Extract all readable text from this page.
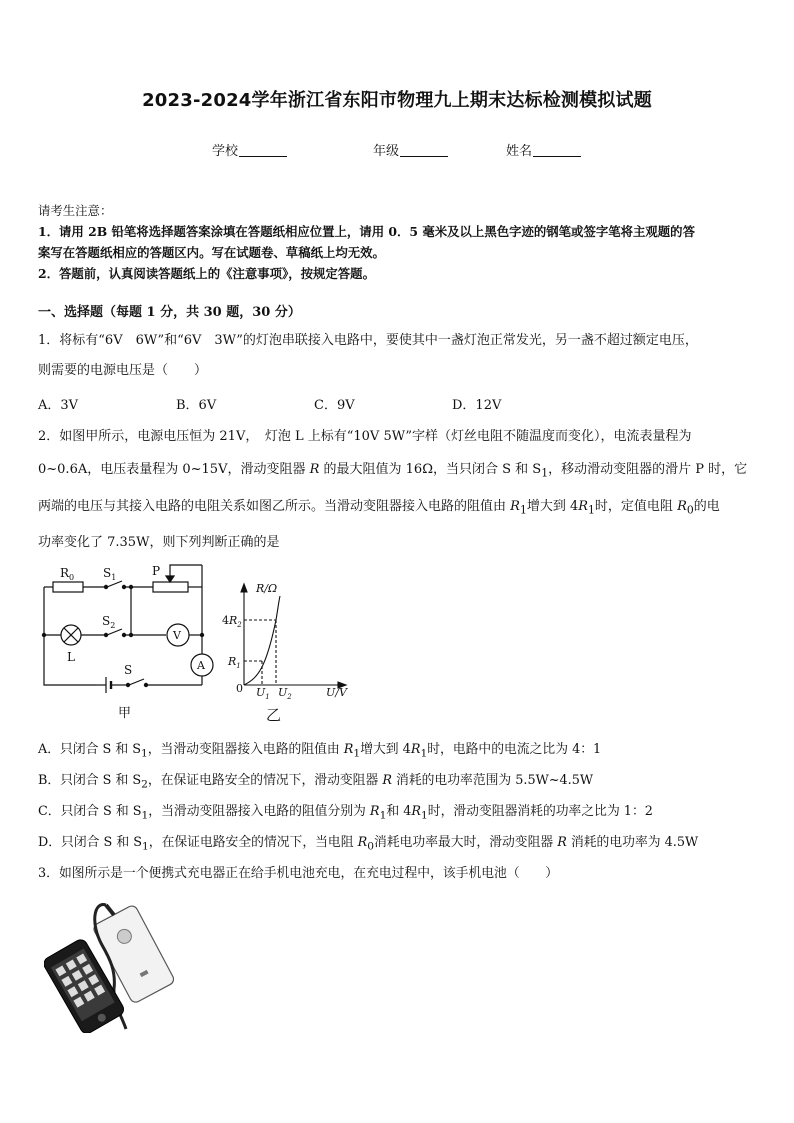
2023-2024学年浙江省东阳市物理九上期末达标检测模拟试题
学校	年级	姓名
请考生注意：
1．请用 2B 铅笔将选择题答案涂填在答题纸相应位置上，请用 0．5 毫米及以上黑色字迹的钢笔或签字笔将主观题的答
案写在答题纸相应的答题区内。写在试题卷、草稿纸上均无效。
2．答题前，认真阅读答题纸上的《注意事项》，按规定答题。
一、选择题（每题 1 分，共 30 题，30 分）
1．将标有“6V　6W”和“6V　3W”的灯泡串联接入电路中，要使其中一盏灯泡正常发光，另一盏不超过额定电压，
则需要的电源电压是（　　）
A．3V	B．6V	C．9V	D．12V
2．如图甲所示，电源电压恒为 21V，　灯泡 L 上标有“10V 5W”字样（灯丝电阻不随温度而变化），电流表量程为
0~0.6A，电压表量程为 0~15V，滑动变阻器 R 的最大阻值为 16Ω，当只闭合 S 和 $S_1$，移动滑动变阻器的滑片 P 时，它
两端的电压与其接入电路的电阻关系如图乙所示。当滑动变阻器接入电路的阻值由 $R_1$增大到 $4R_1$时，定值电阻 $R_0$的电
功率变化了 7.35W，则下列判断正确的是
$R_0$ $S_1$	P
$S_2$
V
L
A
S
甲
R/Ω
U/V
$4R_2$
$R_1$
$U_1$ $U_2$
0
乙
A．只闭合 S 和 $S_1$，当滑动变阻器接入电路的阻值由 $R_1$增大到 $4R_1$时，电路中的电流之比为 4：1
B．只闭合 S 和 $S_2$，在保证电路安全的情况下，滑动变阻器 R 消耗的电功率范围为 5.5W~4.5W
C．只闭合 S 和 $S_1$，当滑动变阻器接入电路的阻值分别为 $R_1$和 $4R_1$时，滑动变阻器消耗的功率之比为 1：2
D．只闭合 S 和 $S_1$，在保证电路安全的情况下，当电阻 $R_0$消耗电功率最大时，滑动变阻器 R 消耗的电功率为 4.5W
3．如图所示是一个便携式充电器正在给手机电池充电，在充电过程中，该手机电池（　　）
